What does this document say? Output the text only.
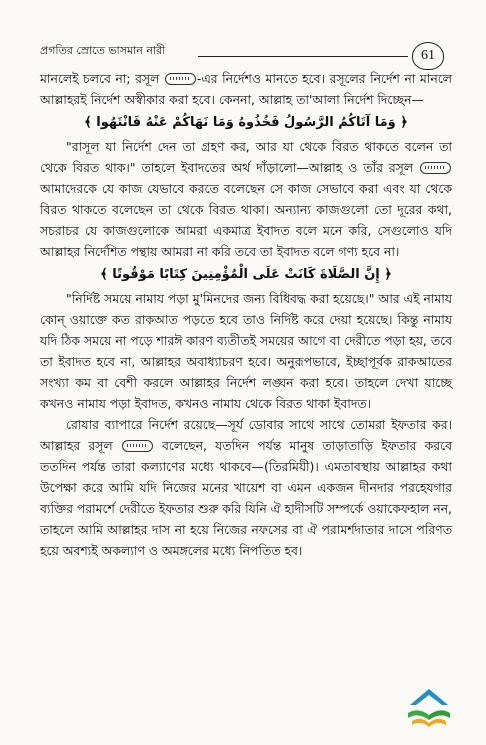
প্রগতির স্রোতে ভাসমান নারী	61

মানলেই চলবে না; রসূল	-এর নির্দেশও মানতে হবে। রসূলের নির্দেশ না মানলে আল্লাহরই নির্দেশ অস্বীকার করা হবে। কেননা, আল্লাহ তা'আলা নির্দেশ দিচ্ছেন—

﴿ وَمَا آتَاكُمُ الرَّسُولُ فَخُذُوهُ وَمَا نَهَاكُمْ عَنْهُ فَانْتَهُوا ﴾

"রাসূল যা নির্দেশ দেন তা গ্রহণ কর, আর যা থেকে বিরত থাকতে বলেন তা থেকে বিরত থাক।" তাহলে ইবাদতের অর্থ দাঁড়ালো—আল্লাহ ও তাঁর রসূল  আমাদেরকে যে কাজ যেভাবে করতে বলেছেন সে কাজ সেভাবে করা এবং যা থেকে বিরত থাকতে বলেছেন তা থেকে বিরত থাকা। অন্যান্য কাজগুলো তো দূরের কথা, সচরাচর যে কাজগুলোকে আমরা একমাত্র ইবাদত বলে মনে করি, সেগুলোও যদি আল্লাহর নির্দেশিত পন্থায় আমরা না করি তবে তা ইবাদত বলে গণ্য হবে না।

﴿ إِنَّ الصَّلَاةَ كَانَتْ عَلَى الْمُؤْمِنِينَ كِتَابًا مَوْقُوتًا ﴾

"নির্দিষ্ট সময়ে নামায পড়া মু'মিনদের জন্য বিধিবদ্ধ করা হয়েছে।" আর এই নামায কোন্ ওয়াক্তে কত রাকআত পড়তে হবে তাও নির্দিষ্ট করে দেয়া হয়েছে। কিন্তু নামায যদি ঠিক সময়ে না পড়ে শারঈ কারণ ব্যতীতই সময়ের আগে বা দেরীতে পড়া হয়, তবে তা ইবাদত হবে না, আল্লাহর অবাধ্যাচরণ হবে। অনুরূপভাবে, ইচ্ছাপূর্বক রাকআতের সংখ্যা কম বা বেশী করলে আল্লাহর নির্দেশ লঙ্ঘন করা হবে। তাহলে দেখা যাচ্ছে কখনও নামায পড়া ইবাদত, কখনও নামায থেকে বিরত থাকা ইবাদত।

রোযার ব্যাপারে নির্দেশ রয়েছে—সূর্য ডোবার সাথে সাথে তোমরা ইফতার কর। আল্লাহর রসূল	বলেছেন, যতদিন পর্যন্ত মানুষ তাড়াতাড়ি ইফতার করবে ততদিন পর্যন্ত তারা কল্যাণের মধ্যে থাকবে—(তিরমিযী)। এমতাবস্থায় আল্লাহর কথা উপেক্ষা করে আমি যদি নিজের মনের খায়েশ বা এমন একজন দীনদার পরহেযগার ব্যক্তির পরামর্শে দেরীতে ইফতার শুরু করি যিনি ঐ হাদীসটি সম্পর্কে ওয়াকেফহাল নন, তাহলে আমি আল্লাহর দাস না হয়ে নিজের নফসের বা ঐ পরামর্শদাতার দাসে পরিণত হয়ে অবশ্যই অকল্যাণ ও অমঙ্গলের মধ্যে নিপতিত হব।
